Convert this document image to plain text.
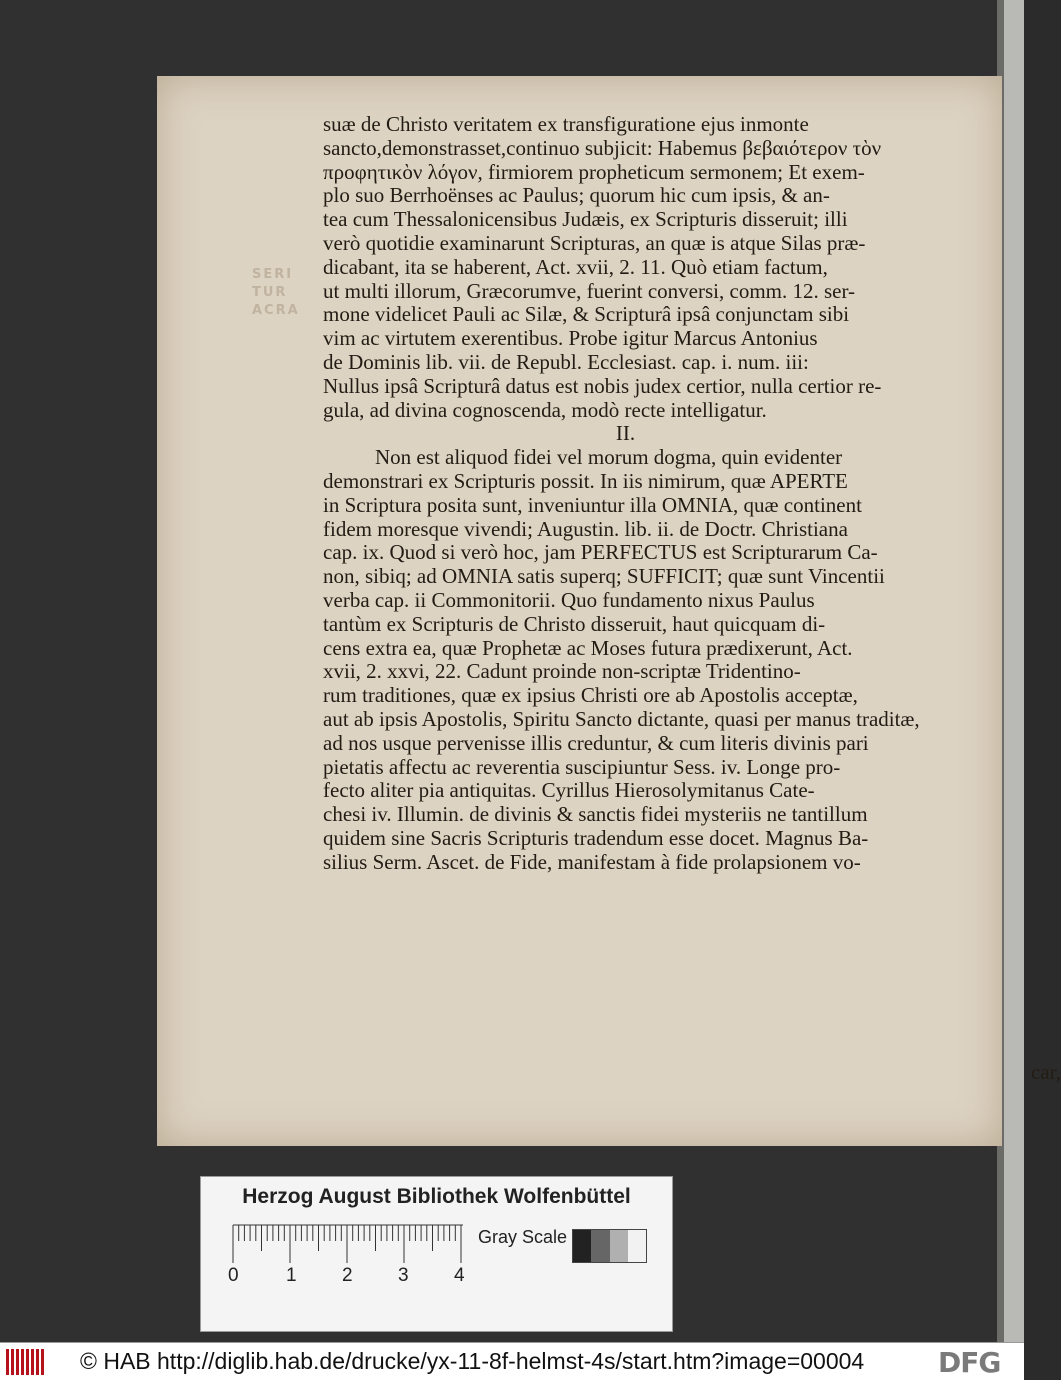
SERI
TUR
ACRA
suæ de Christo veritatem ex transfiguratione ejus inmonte
sancto,demonstrasset,continuo subjicit: Habemus βεβαιότερον τὸν
προφητικὸν λόγον, firmiorem propheticum sermonem; Et exem-
plo suo Berrhoënses ac Paulus; quorum hic cum ipsis, & an-
tea cum Thessalonicensibus Judæis, ex Scripturis disseruit; illi
verò quotidie examinarunt Scripturas, an quæ is atque Silas præ-
dicabant, ita se haberent, Act. xvii, 2. 11. Quò etiam factum,
ut multi illorum, Græcorumve, fuerint conversi, comm. 12. ser-
mone videlicet Pauli ac Silæ, & Scripturâ ipsâ conjunctam sibi
vim ac virtutem exerentibus. Probe igitur Marcus Antonius
de Dominis lib. vii. de Republ. Ecclesiast. cap. i. num. iii:
Nullus ipsâ Scripturâ datus est nobis judex certior, nulla certior re-
gula, ad divina cognoscenda, modò recte intelligatur.
II.
Non est aliquod fidei vel morum dogma, quin evidenter
demonstrari ex Scripturis possit. In iis nimirum, quæ APERTE
in Scriptura posita sunt, inveniuntur illa OMNIA, quæ continent
fidem moresque vivendi; Augustin. lib. ii. de Doctr. Christiana
cap. ix. Quod si verò hoc, jam PERFECTUS est Scripturarum Ca-
non, sibiq; ad OMNIA satis superq; SUFFICIT; quæ sunt Vincentii
verba cap. ii Commonitorii. Quo fundamento nixus Paulus
tantùm ex Scripturis de Christo disseruit, haut quicquam di-
cens extra ea, quæ Prophetæ ac Moses futura prædixerunt, Act.
xvii, 2. xxvi, 22. Cadunt proinde non-scriptæ Tridentino-
rum traditiones, quæ ex ipsius Christi ore ab Apostolis acceptæ,
aut ab ipsis Apostolis, Spiritu Sancto dictante, quasi per manus traditæ,
ad nos usque pervenisse illis creduntur, & cum literis divinis pari
pietatis affectu ac reverentia suscipiuntur Sess. iv. Longe pro-
fecto aliter pia antiquitas. Cyrillus Hierosolymitanus Cate-
chesi iv. Illumin. de divinis & sanctis fidei mysteriis ne tantillum
quidem sine Sacris Scripturis tradendum esse docet. Magnus Ba-
silius Serm. Ascet. de Fide, manifestam à fide prolapsionem vo-
car,
Herzog August Bibliothek Wolfenbüttel
0 1 2 3 4
Gray Scale
© HAB http://diglib.hab.de/drucke/yx-11-8f-helmst-4s/start.htm?image=00004	DFG
